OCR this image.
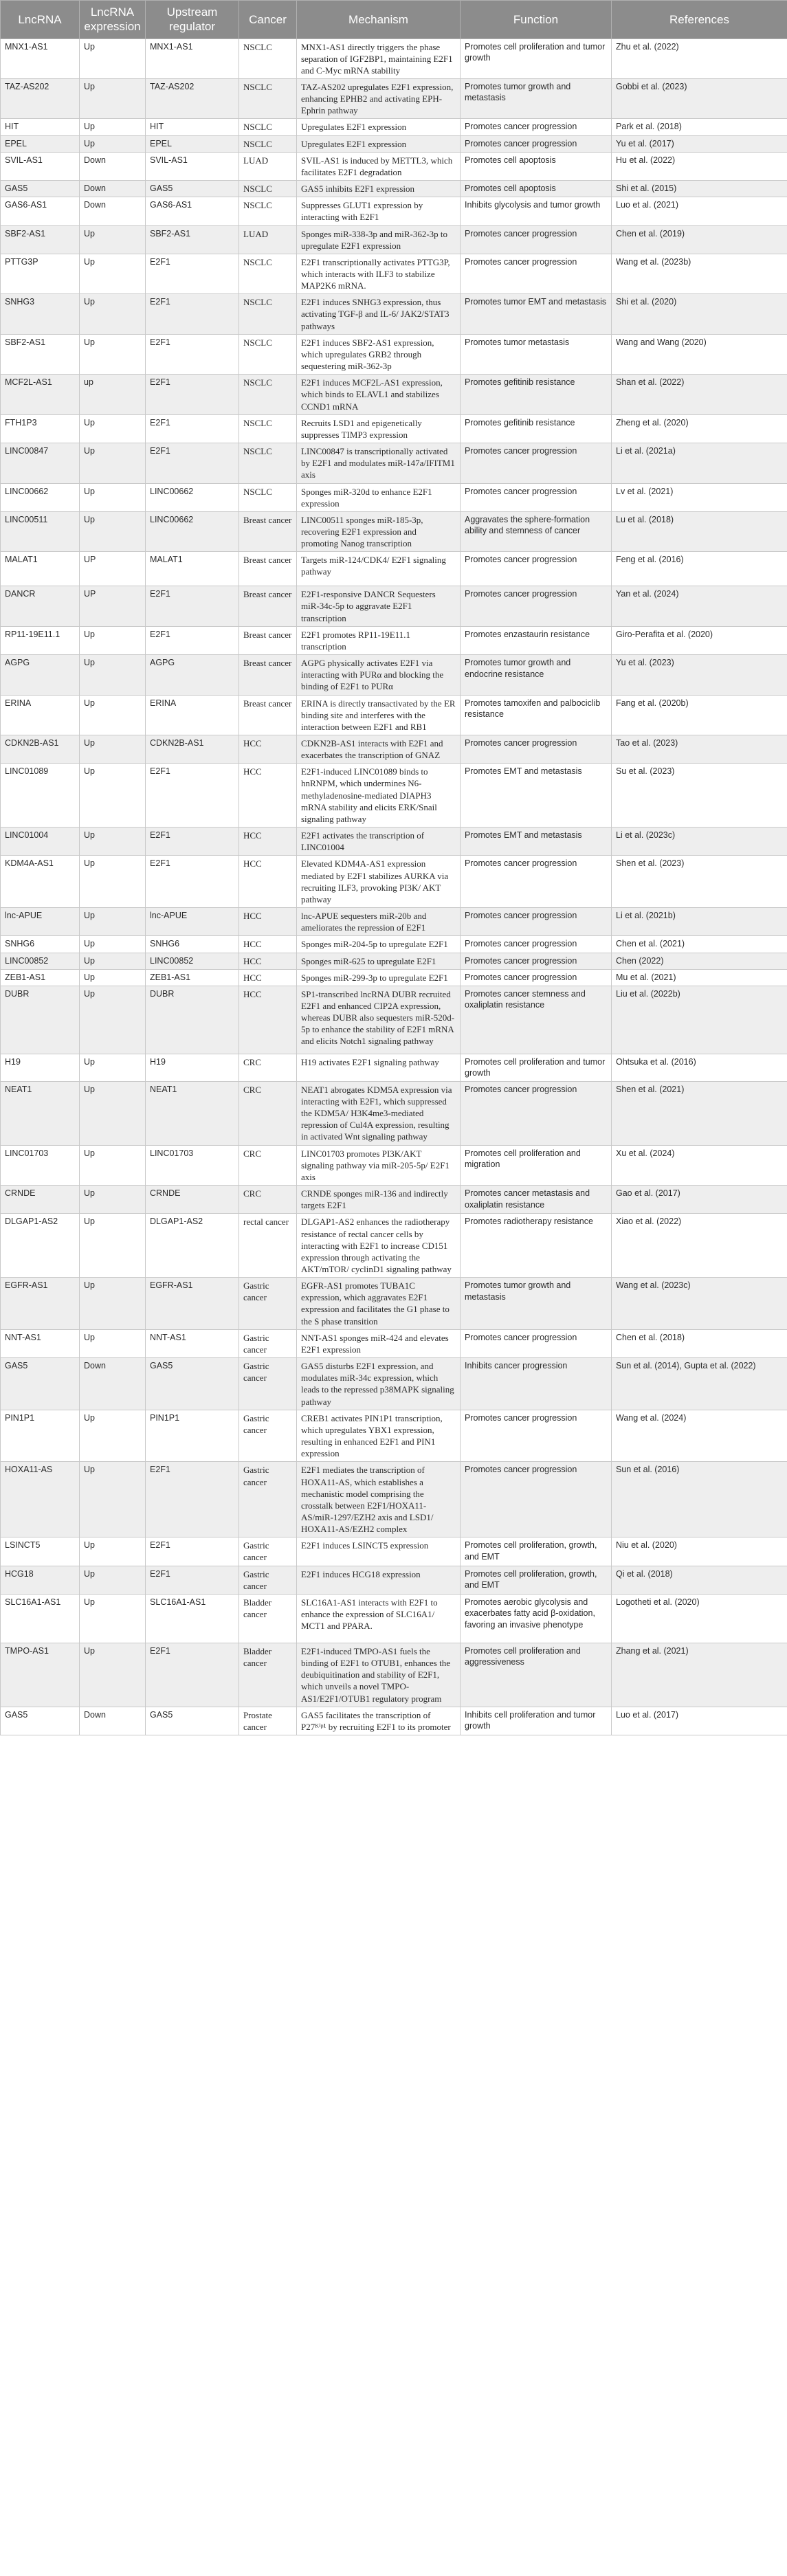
LncRNA	LncRNA expression	Upstream regulator	Cancer	Mechanism	Function	References
MNX1-AS1	Up	MNX1-AS1	NSCLC	MNX1-AS1 directly triggers the phase separation of IGF2BP1, maintaining E2F1 and C-Myc mRNA stability	Promotes cell proliferation and tumor growth	Zhu et al. (2022)
TAZ-AS202	Up	TAZ-AS202	NSCLC	TAZ-AS202 upregulates E2F1 expression, enhancing EPHB2 and activating EPH-Ephrin pathway	Promotes tumor growth and metastasis	Gobbi et al. (2023)
HIT	Up	HIT	NSCLC	Upregulates E2F1 expression	Promotes cancer progression	Park et al. (2018)
EPEL	Up	EPEL	NSCLC	Upregulates E2F1 expression	Promotes cancer progression	Yu et al. (2017)
SVIL-AS1	Down	SVIL-AS1	LUAD	SVIL-AS1 is induced by METTL3, which facilitates E2F1 degradation	Promotes cell apoptosis	Hu et al. (2022)
GAS5	Down	GAS5	NSCLC	GAS5 inhibits E2F1 expression	Promotes cell apoptosis	Shi et al. (2015)
GAS6-AS1	Down	GAS6-AS1	NSCLC	Suppresses GLUT1 expression by interacting with E2F1	Inhibits glycolysis and tumor growth	Luo et al. (2021)
SBF2-AS1	Up	SBF2-AS1	LUAD	Sponges miR-338-3p and miR-362-3p to upregulate E2F1 expression	Promotes cancer progression	Chen et al. (2019)
PTTG3P	Up	E2F1	NSCLC	E2F1 transcriptionally activates PTTG3P, which interacts with ILF3 to stabilize MAP2K6 mRNA.	Promotes cancer progression	Wang et al. (2023b)
SNHG3	Up	E2F1	NSCLC	E2F1 induces SNHG3 expression, thus activating TGF-β and IL-6/ JAK2/STAT3 pathways	Promotes tumor EMT and metastasis	Shi et al. (2020)
SBF2-AS1	Up	E2F1	NSCLC	E2F1 induces SBF2-AS1 expression, which upregulates GRB2 through sequestering miR-362-3p	Promotes tumor metastasis	Wang and Wang (2020)
MCF2L-AS1	up	E2F1	NSCLC	E2F1 induces MCF2L-AS1 expression, which binds to ELAVL1 and stabilizes CCND1 mRNA	Promotes gefitinib resistance	Shan et al. (2022)
FTH1P3	Up	E2F1	NSCLC	Recruits LSD1 and epigenetically suppresses TIMP3 expression	Promotes gefitinib resistance	Zheng et al. (2020)
LINC00847	Up	E2F1	NSCLC	LINC00847 is transcriptionally activated by E2F1 and modulates miR-147a/IFITM1 axis	Promotes cancer progression	Li et al. (2021a)
LINC00662	Up	LINC00662	NSCLC	Sponges miR-320d to enhance E2F1 expression	Promotes cancer progression	Lv et al. (2021)
LINC00511	Up	LINC00662	Breast cancer	LINC00511 sponges miR-185-3p, recovering E2F1 expression and promoting Nanog transcription	Aggravates the sphere-formation ability and stemness of cancer	Lu et al. (2018)
MALAT1	UP	MALAT1	Breast cancer	Targets miR-124/CDK4/ E2F1 signaling pathway	Promotes cancer progression	Feng et al. (2016)
DANCR	UP	E2F1	Breast cancer	E2F1-responsive DANCR Sequesters miR-34c-5p to aggravate E2F1 transcription	Promotes cancer progression	Yan et al. (2024)
RP11-19E11.1	Up	E2F1	Breast cancer	E2F1 promotes RP11-19E11.1 transcription	Promotes enzastaurin resistance	Giro-Perafita et al. (2020)
AGPG	Up	AGPG	Breast cancer	AGPG physically activates E2F1 via interacting with PURα and blocking the binding of E2F1 to PURα	Promotes tumor growth and endocrine resistance	Yu et al. (2023)
ERINA	Up	ERINA	Breast cancer	ERINA is directly transactivated by the ER binding site and interferes with the interaction between E2F1 and RB1	Promotes tamoxifen and palbociclib resistance	Fang et al. (2020b)
CDKN2B-AS1	Up	CDKN2B-AS1	HCC	CDKN2B-AS1 interacts with E2F1 and exacerbates the transcription of GNAZ	Promotes cancer progression	Tao et al. (2023)
LINC01089	Up	E2F1	HCC	E2F1-induced LINC01089 binds to hnRNPM, which undermines N6-methyladenosine-mediated DIAPH3 mRNA stability and elicits ERK/Snail signaling pathway	Promotes EMT and metastasis	Su et al. (2023)
LINC01004	Up	E2F1	HCC	E2F1 activates the transcription of LINC01004	Promotes EMT and metastasis	Li et al. (2023c)
KDM4A-AS1	Up	E2F1	HCC	Elevated KDM4A-AS1 expression mediated by E2F1 stabilizes AURKA via recruiting ILF3, provoking PI3K/ AKT pathway	Promotes cancer progression	Shen et al. (2023)
lnc-APUE	Up	lnc-APUE	HCC	lnc-APUE sequesters miR-20b and ameliorates the repression of E2F1	Promotes cancer progression	Li et al. (2021b)
SNHG6	Up	SNHG6	HCC	Sponges miR-204-5p to upregulate E2F1	Promotes cancer progression	Chen et al. (2021)
LINC00852	Up	LINC00852	HCC	Sponges miR-625 to upregulate E2F1	Promotes cancer progression	Chen (2022)
ZEB1-AS1	Up	ZEB1-AS1	HCC	Sponges miR-299-3p to upregulate E2F1	Promotes cancer progression	Mu et al. (2021)
DUBR	Up	DUBR	HCC	SP1-transcribed lncRNA DUBR recruited E2F1 and enhanced CIP2A expression, whereas DUBR also sequesters miR-520d-5p to enhance the stability of E2F1 mRNA and elicits Notch1 signaling pathway	Promotes cancer stemness and oxaliplatin resistance	Liu et al. (2022b)
H19	Up	H19	CRC	H19 activates E2F1 signaling pathway	Promotes cell proliferation and tumor growth	Ohtsuka et al. (2016)
NEAT1	Up	NEAT1	CRC	NEAT1 abrogates KDM5A expression via interacting with E2F1, which suppressed the KDM5A/ H3K4me3-mediated repression of Cul4A expression, resulting in activated Wnt signaling pathway	Promotes cancer progression	Shen et al. (2021)
LINC01703	Up	LINC01703	CRC	LINC01703 promotes PI3K/AKT signaling pathway via miR-205-5p/ E2F1 axis	Promotes cell proliferation and migration	Xu et al. (2024)
CRNDE	Up	CRNDE	CRC	CRNDE sponges miR-136 and indirectly targets E2F1	Promotes cancer metastasis and oxaliplatin resistance	Gao et al. (2017)
DLGAP1-AS2	Up	DLGAP1-AS2	rectal cancer	DLGAP1-AS2 enhances the radiotherapy resistance of rectal cancer cells by interacting with E2F1 to increase CD151 expression through activating the AKT/mTOR/ cyclinD1 signaling pathway	Promotes radiotherapy resistance	Xiao et al. (2022)
EGFR-AS1	Up	EGFR-AS1	Gastric cancer	EGFR-AS1 promotes TUBA1C expression, which aggravates E2F1 expression and facilitates the G1 phase to the S phase transition	Promotes tumor growth and metastasis	Wang et al. (2023c)
NNT-AS1	Up	NNT-AS1	Gastric cancer	NNT-AS1 sponges miR-424 and elevates E2F1 expression	Promotes cancer progression	Chen et al. (2018)
GAS5	Down	GAS5	Gastric cancer	GAS5 disturbs E2F1 expression, and modulates miR-34c expression, which leads to the repressed p38MAPK signaling pathway	Inhibits cancer progression	Sun et al. (2014), Gupta et al. (2022)
PIN1P1	Up	PIN1P1	Gastric cancer	CREB1 activates PIN1P1 transcription, which upregulates YBX1 expression, resulting in enhanced E2F1 and PIN1 expression	Promotes cancer progression	Wang et al. (2024)
HOXA11-AS	Up	E2F1	Gastric cancer	E2F1 mediates the transcription of HOXA11-AS, which establishes a mechanistic model comprising the crosstalk between E2F1/HOXA11-AS/miR-1297/EZH2 axis and LSD1/ HOXA11-AS/EZH2 complex	Promotes cancer progression	Sun et al. (2016)
LSINCT5	Up	E2F1	Gastric cancer	E2F1 induces LSINCT5 expression	Promotes cell proliferation, growth, and EMT	Niu et al. (2020)
HCG18	Up	E2F1	Gastric cancer	E2F1 induces HCG18 expression	Promotes cell proliferation, growth, and EMT	Qi et al. (2018)
SLC16A1-AS1	Up	SLC16A1-AS1	Bladder cancer	SLC16A1-AS1 interacts with E2F1 to enhance the expression of SLC16A1/ MCT1 and PPARA.	Promotes aerobic glycolysis and exacerbates fatty acid β-oxidation, favoring an invasive phenotype	Logotheti et al. (2020)
TMPO-AS1	Up	E2F1	Bladder cancer	E2F1-induced TMPO-AS1 fuels the binding of E2F1 to OTUB1, enhances the deubiquitination and stability of E2F1, which unveils a novel TMPO-AS1/E2F1/OTUB1 regulatory program	Promotes cell proliferation and aggressiveness	Zhang et al. (2021)
GAS5	Down	GAS5	Prostate cancer	GAS5 facilitates the transcription of P27ᴷⁱᵖ¹ by recruiting E2F1 to its promoter	Inhibits cell proliferation and tumor growth	Luo et al. (2017)
